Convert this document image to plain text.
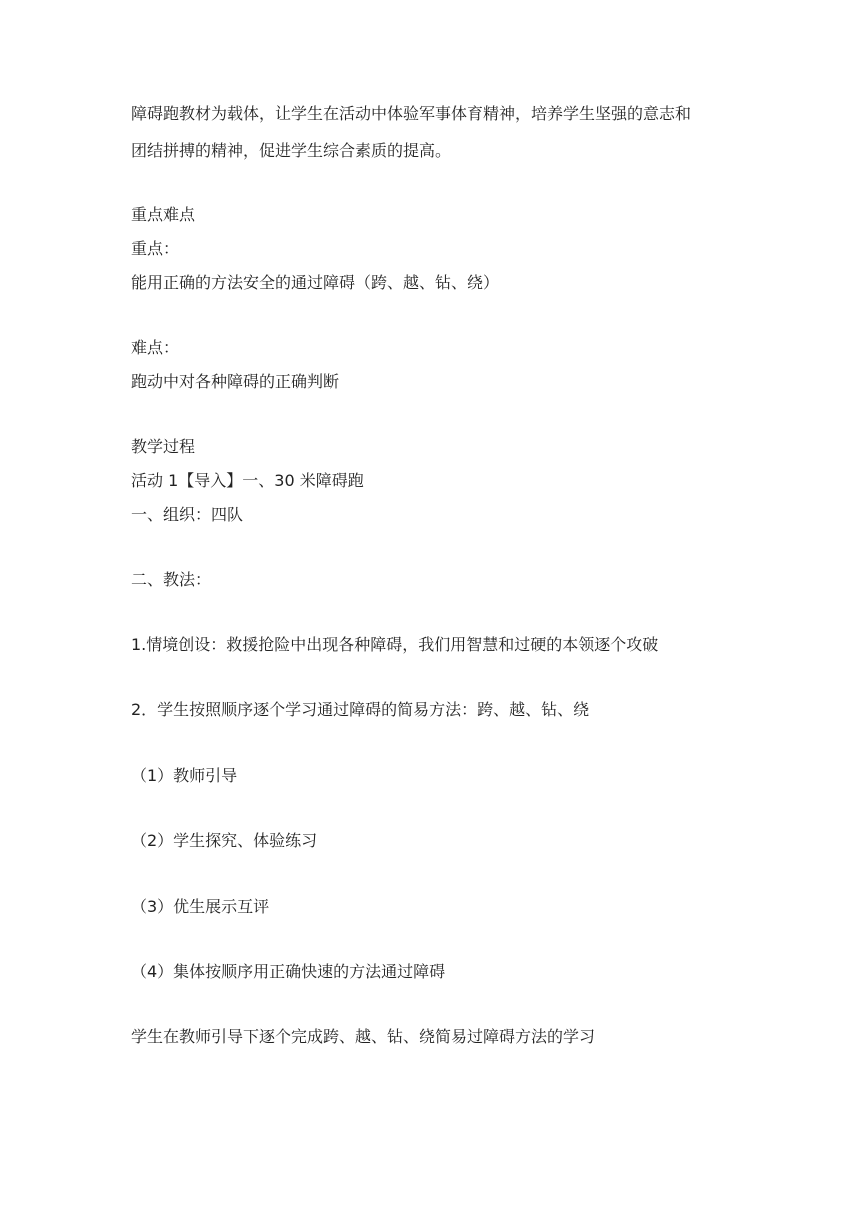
障碍跑教材为载体，让学生在活动中体验军事体育精神，培养学生坚强的意志和
团结拼搏的精神，促进学生综合素质的提高。
重点难点
重点：
能用正确的方法安全的通过障碍（跨、越、钻、绕）
难点：
跑动中对各种障碍的正确判断
教学过程
活动 1【导入】一、30 米障碍跑
一、组织：四队
二、教法：
1.情境创设：救援抢险中出现各种障碍，我们用智慧和过硬的本领逐个攻破
2．学生按照顺序逐个学习通过障碍的简易方法：跨、越、钻、绕
（1）教师引导
（2）学生探究、体验练习
（3）优生展示互评
（4）集体按顺序用正确快速的方法通过障碍
学生在教师引导下逐个完成跨、越、钻、绕简易过障碍方法的学习
